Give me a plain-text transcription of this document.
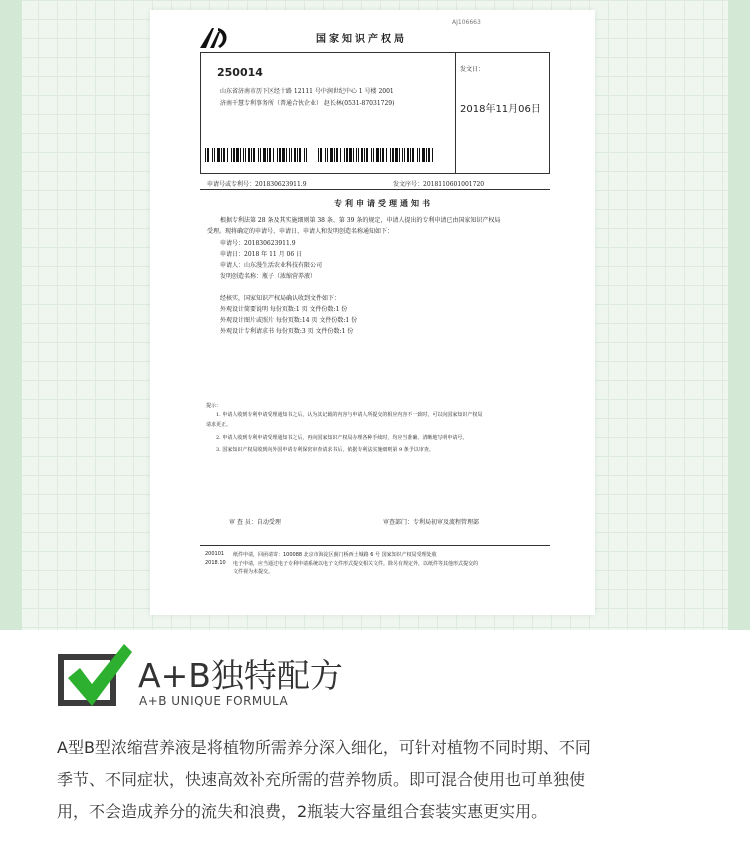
AJ106663
国家知识产权局
250014
山东省济南市历下区经十路 12111 号中润世纪中心 1 号楼 2001
济南千慧专利事务所（普通合伙企业） 赵长林(0531-87031729)
发文日：
2018年11月06日
申请号或专利号：201830623911.9	发文序号：2018110601001720
专利申请受理通知书
根据专利法第 28 条及其实施细则第 38 条、第 39 条的规定，申请人提出的专利申请已由国家知识产权局
受理。现将确定的申请号、申请日、申请人和发明创造名称通知如下：
申请号：201830623911.9
申请日：2018 年 11 月 06 日
申请人：山东漫生活农业科技有限公司
发明创造名称：瓶子（浓缩营养液）
经核实，国家知识产权局确认收到文件如下：
外观设计简要说明 每份页数:1 页 文件份数:1 份
外观设计图片或照片 每份页数:14 页 文件份数:1 份
外观设计专利请求书 每份页数:3 页 文件份数:1 份
提示：
1. 申请人收到专利申请受理通知书之后，认为其记载的内容与申请人所提交的相应内容不一致时，可以向国家知识产权局
请求更正。
2. 申请人收到专利申请受理通知书之后，再向国家知识产权局办理各种手续时，均应当准确、清晰地写明申请号。
3. 国家知识产权局收到向外国申请专利保密审查请求书后，依据专利法实施细则第 9 条予以审查。
审 查 员：自动受理	审查部门：专利局初审及流程管理部
200101
2018.10
纸件申请，回函请寄：100088 北京市海淀区蓟门桥西土城路 6 号 国家知识产权局受理处收
电子申请，应当通过电子专利申请系统以电子文件形式提交相关文件。除另有规定外，以纸件等其他形式提交的
文件视为未提交。
A+B独特配方
A+B UNIQUE FORMULA
A型B型浓缩营养液是将植物所需养分深入细化，可针对植物不同时期、不同
季节、不同症状，快速高效补充所需的营养物质。即可混合使用也可单独使
用，不会造成养分的流失和浪费，2瓶装大容量组合套装实惠更实用。
